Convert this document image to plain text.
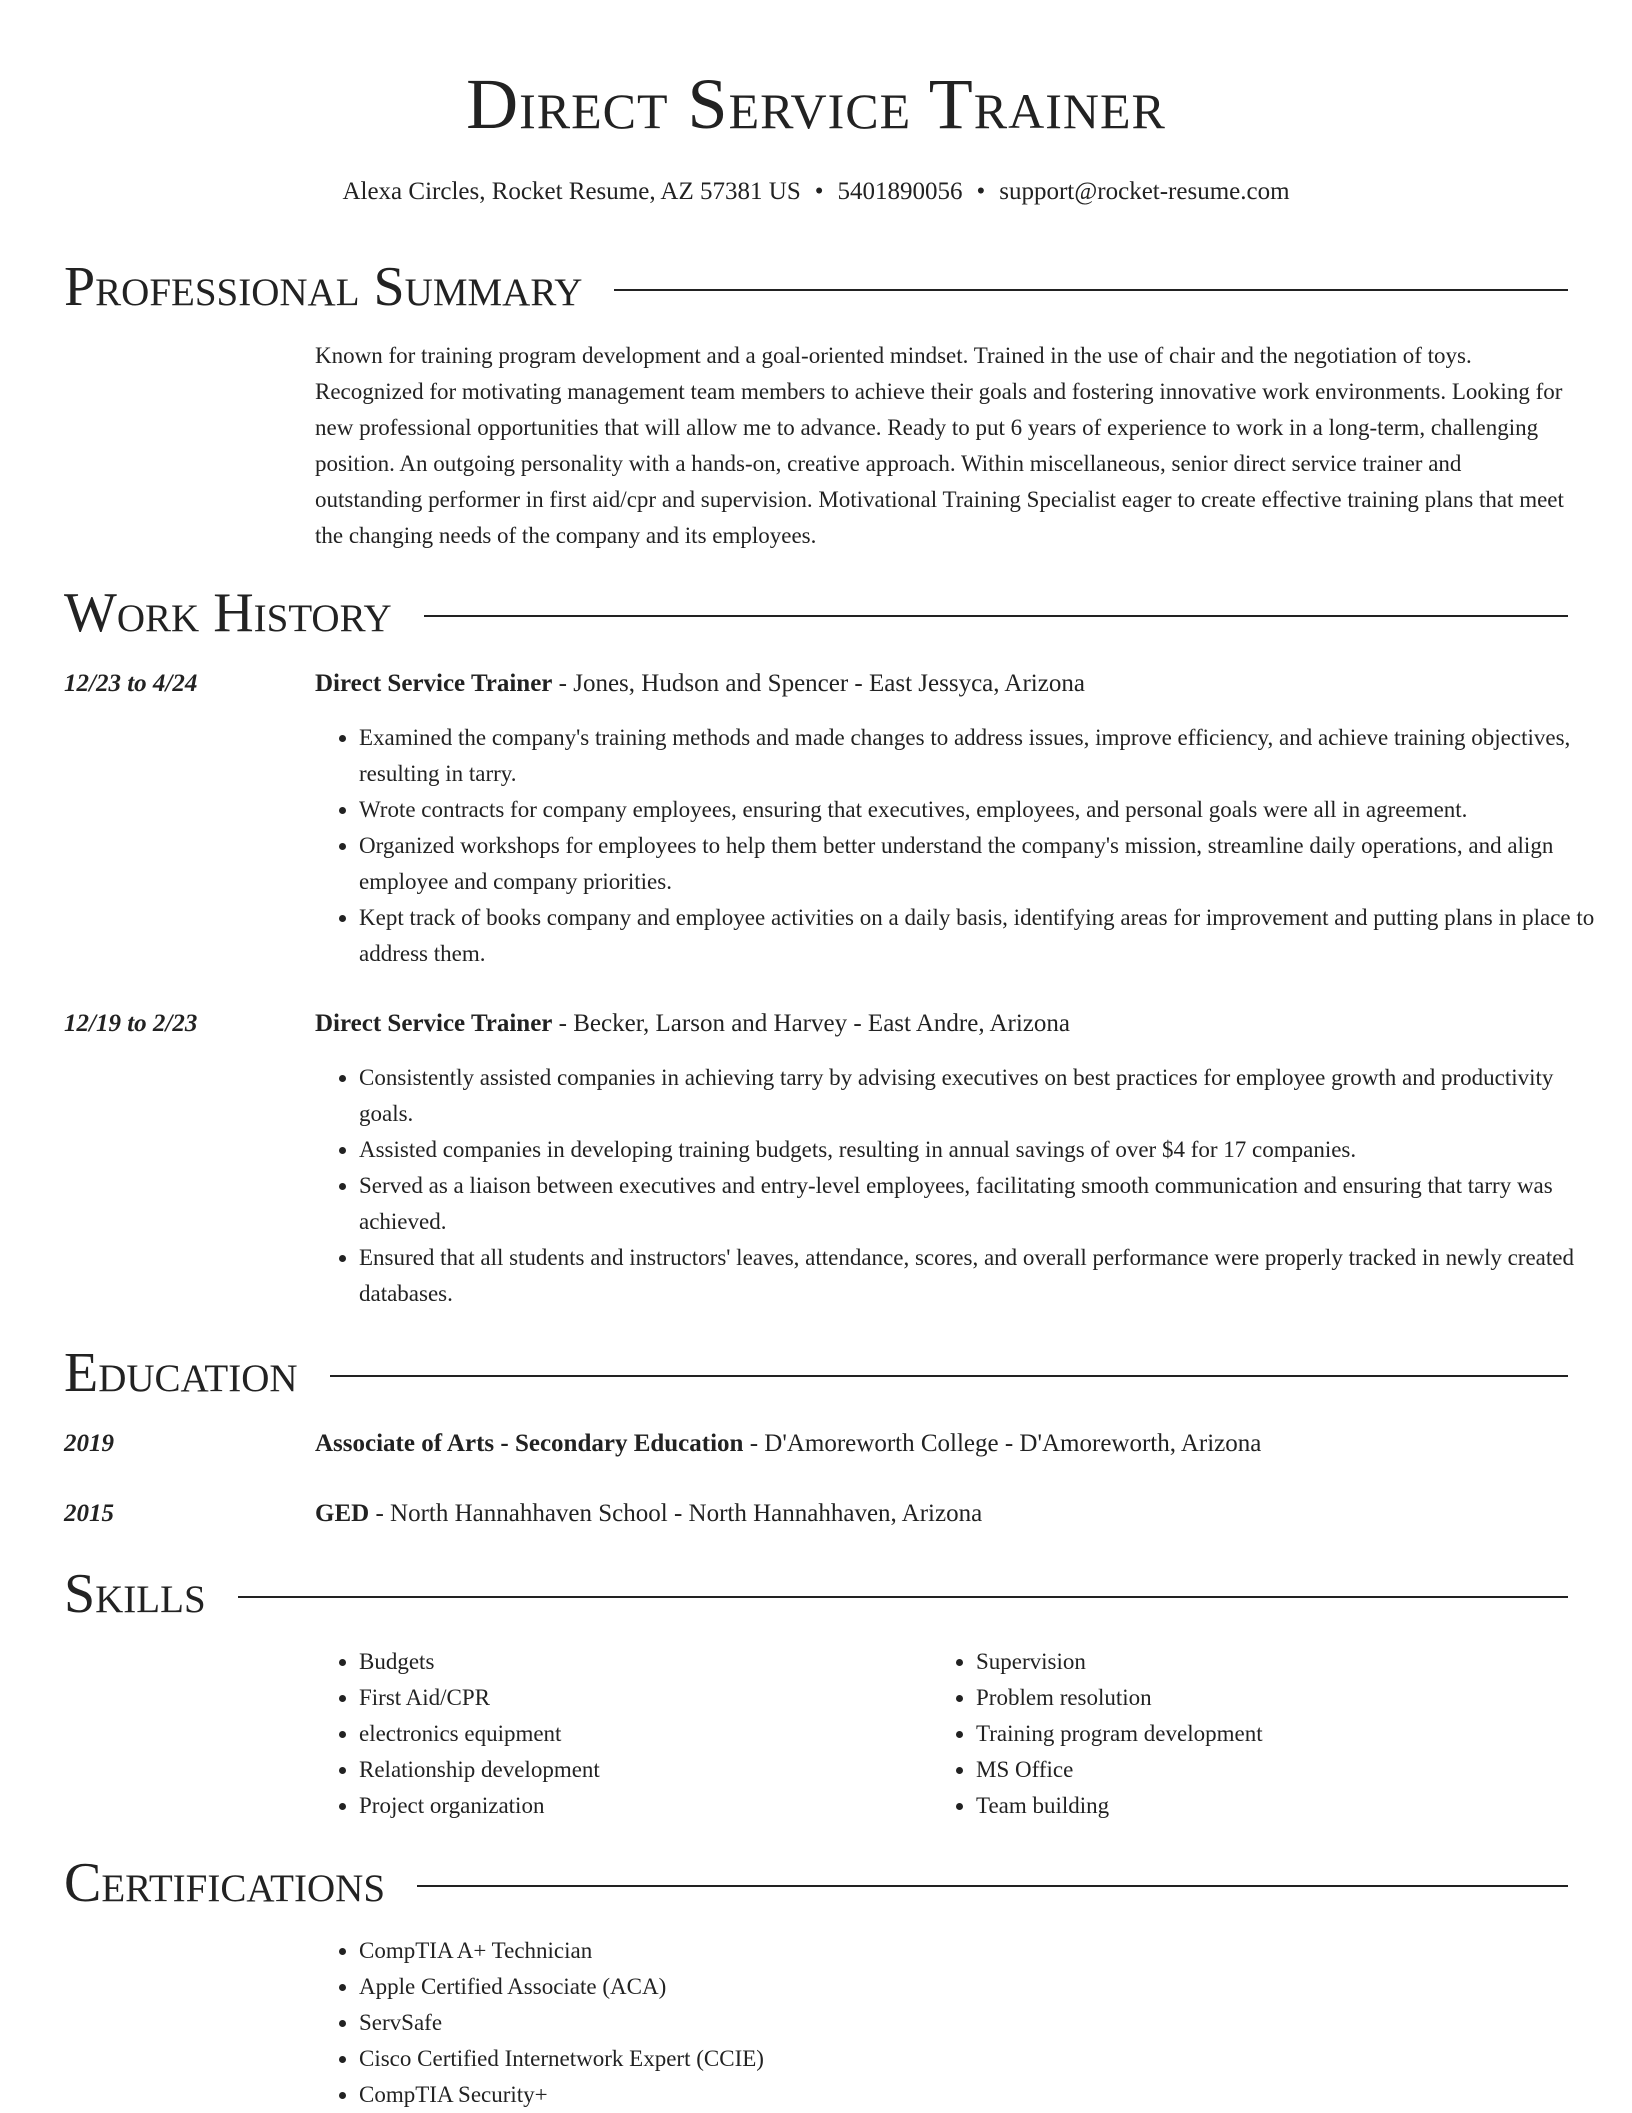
Direct Service Trainer
Alexa Circles, Rocket Resume, AZ 57381 US • 5401890056 • support@rocket-resume.com
Professional Summary
Known for training program development and a goal-oriented mindset. Trained in the use of chair and the negotiation of toys. Recognized for motivating management team members to achieve their goals and fostering innovative work environments. Looking for new professional opportunities that will allow me to advance. Ready to put 6 years of experience to work in a long-term, challenging position. An outgoing personality with a hands-on, creative approach. Within miscellaneous, senior direct service trainer and outstanding performer in first aid/cpr and supervision. Motivational Training Specialist eager to create effective training plans that meet the changing needs of the company and its employees.
Work History
12/23 to 4/24	Direct Service Trainer - Jones, Hudson and Spencer - East Jessyca, Arizona
• Examined the company's training methods and made changes to address issues, improve efficiency, and achieve training objectives, resulting in tarry.
• Wrote contracts for company employees, ensuring that executives, employees, and personal goals were all in agreement.
• Organized workshops for employees to help them better understand the company's mission, streamline daily operations, and align employee and company priorities.
• Kept track of books company and employee activities on a daily basis, identifying areas for improvement and putting plans in place to address them.
12/19 to 2/23	Direct Service Trainer - Becker, Larson and Harvey - East Andre, Arizona
• Consistently assisted companies in achieving tarry by advising executives on best practices for employee growth and productivity goals.
• Assisted companies in developing training budgets, resulting in annual savings of over $4 for 17 companies.
• Served as a liaison between executives and entry-level employees, facilitating smooth communication and ensuring that tarry was achieved.
• Ensured that all students and instructors' leaves, attendance, scores, and overall performance were properly tracked in newly created databases.
Education
2019	Associate of Arts - Secondary Education - D'Amoreworth College - D'Amoreworth, Arizona
2015	GED - North Hannahhaven School - North Hannahhaven, Arizona
Skills
• Budgets
• First Aid/CPR
• electronics equipment
• Relationship development
• Project organization
• Supervision
• Problem resolution
• Training program development
• MS Office
• Team building
Certifications
• CompTIA A+ Technician
• Apple Certified Associate (ACA)
• ServSafe
• Cisco Certified Internetwork Expert (CCIE)
• CompTIA Security+
